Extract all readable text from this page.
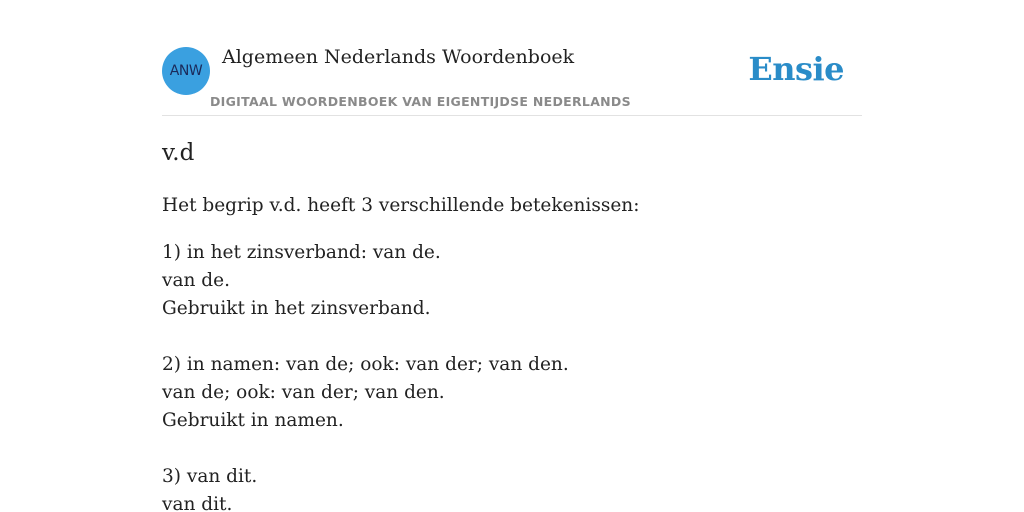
ANW
Algemeen Nederlands Woordenboek
DIGITAAL WOORDENBOEK VAN EIGENTIJDSE NEDERLANDS
Ensie
v.d
Het begrip v.d. heeft 3 verschillende betekenissen:
1) in het zinsverband: van de.
van de.
Gebruikt in het zinsverband.
2) in namen: van de; ook: van der; van den.
van de; ook: van der; van den.
Gebruikt in namen.
3) van dit.
van dit.
